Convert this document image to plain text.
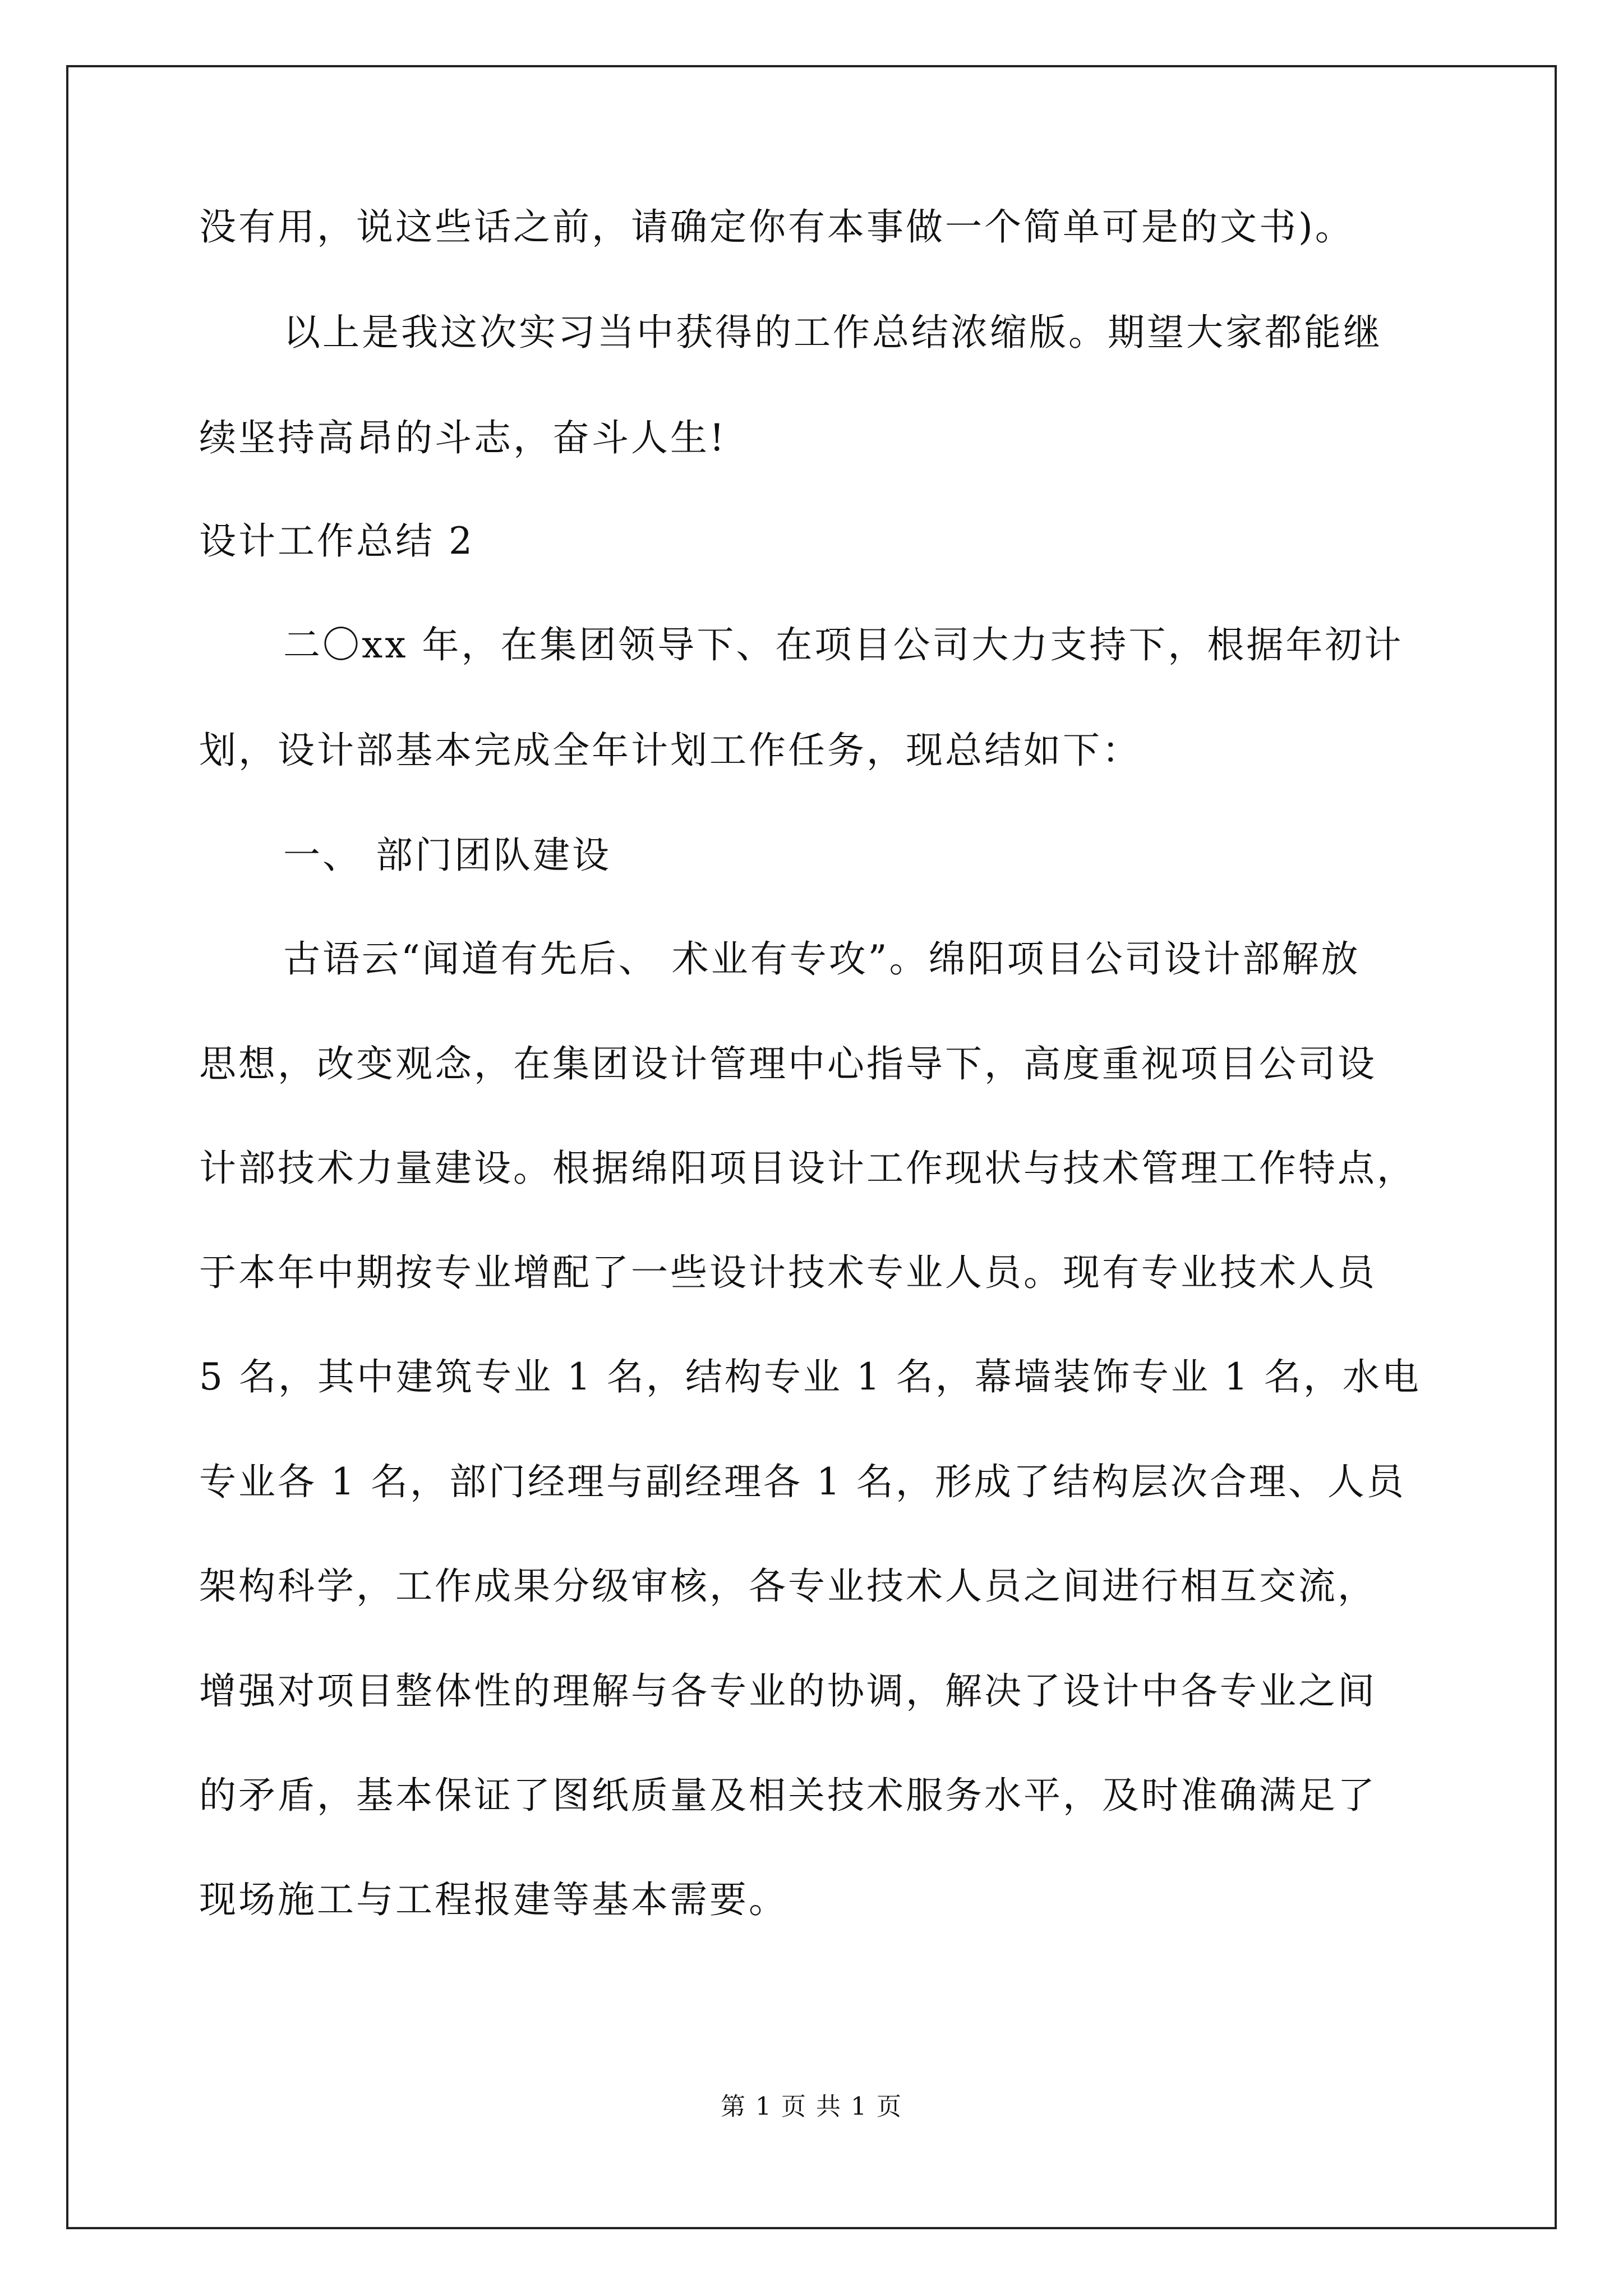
没有用，说这些话之前，请确定你有本事做一个简单可是的文书)。
以上是我这次实习当中获得的工作总结浓缩版。期望大家都能继
续坚持高昂的斗志，奋斗人生!
设计工作总结 2
二〇xx 年，在集团领导下、在项目公司大力支持下，根据年初计
划，设计部基本完成全年计划工作任务，现总结如下：
一、 部门团队建设
古语云“闻道有先后、 术业有专攻”。绵阳项目公司设计部解放
思想，改变观念，在集团设计管理中心指导下，高度重视项目公司设
计部技术力量建设。根据绵阳项目设计工作现状与技术管理工作特点，
于本年中期按专业增配了一些设计技术专业人员。现有专业技术人员
5 名，其中建筑专业 1 名，结构专业 1 名，幕墙装饰专业 1 名，水电
专业各 1 名，部门经理与副经理各 1 名，形成了结构层次合理、人员
架构科学，工作成果分级审核，各专业技术人员之间进行相互交流，
增强对项目整体性的理解与各专业的协调，解决了设计中各专业之间
的矛盾，基本保证了图纸质量及相关技术服务水平，及时准确满足了
现场施工与工程报建等基本需要。
第 1 页 共 1 页
